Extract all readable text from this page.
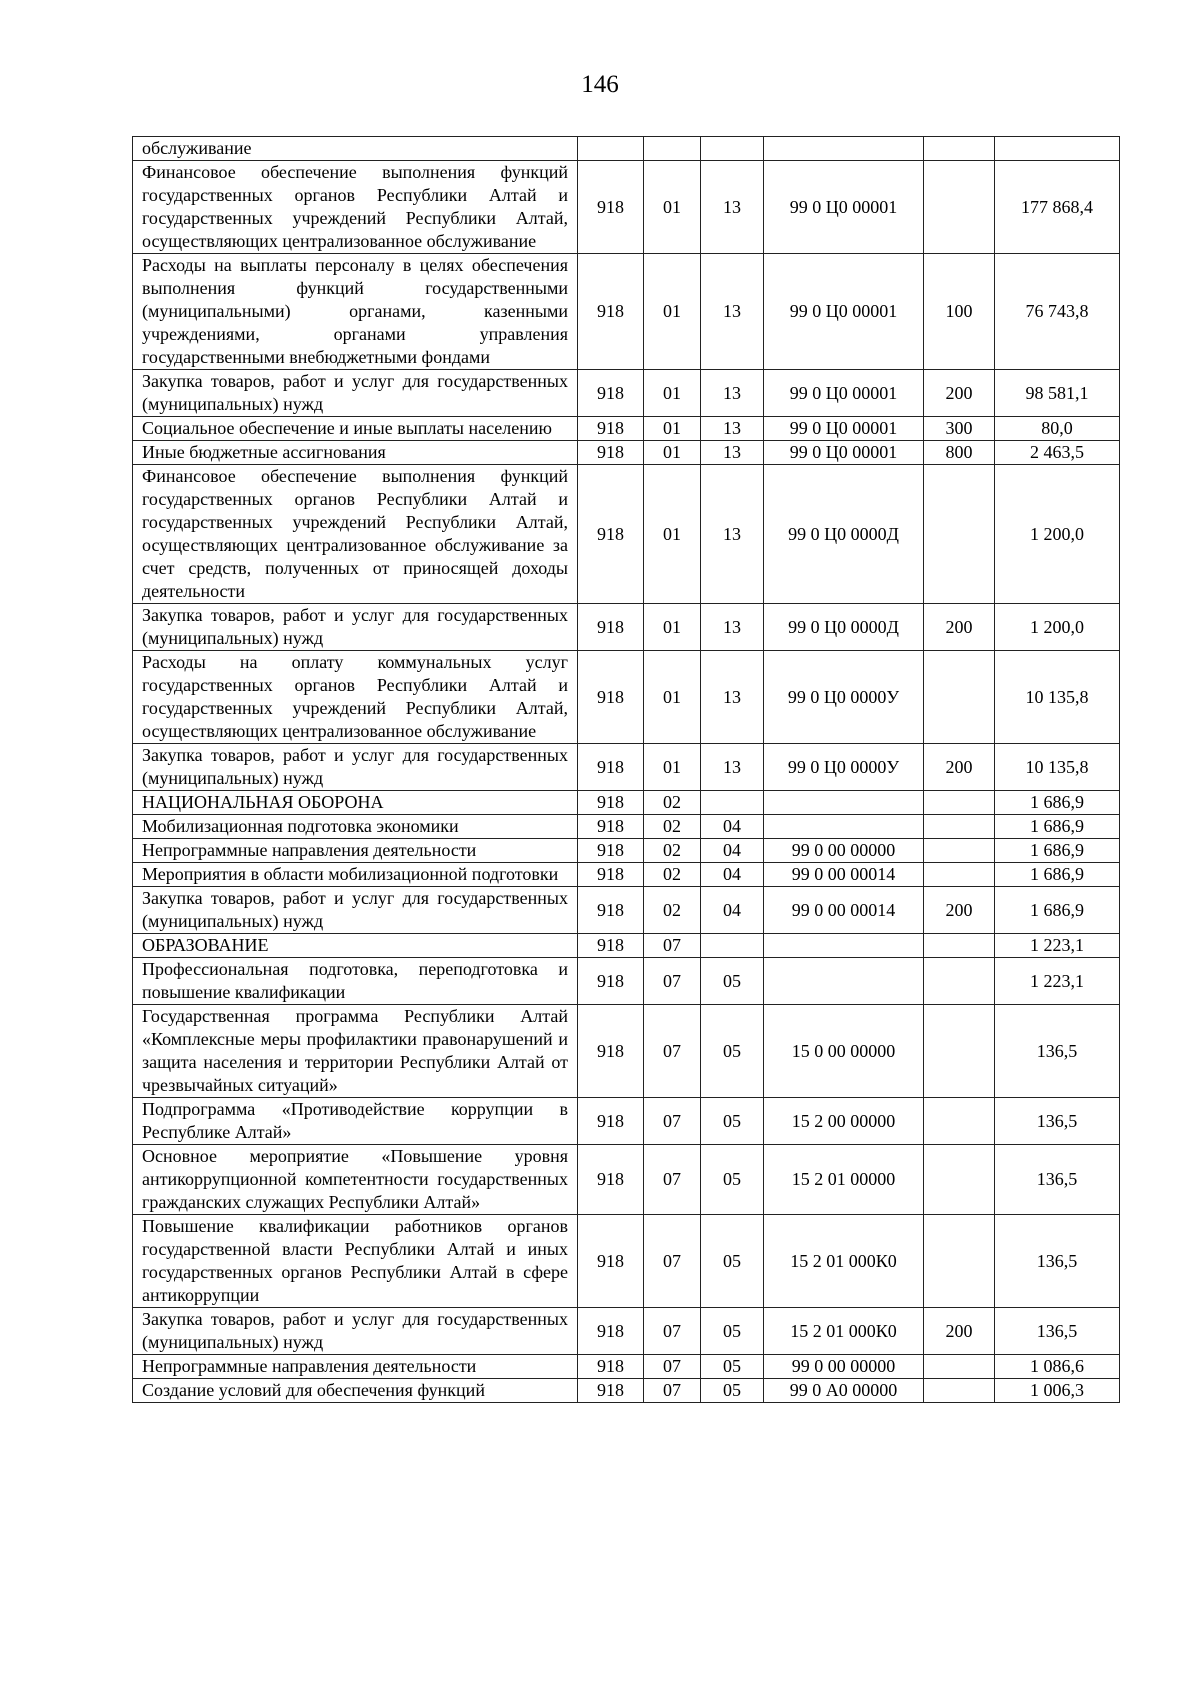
146
обслуживание						
Финансовое обеспечение выполнения функций государственных органов Республики Алтай и государственных учреждений Республики Алтай, осуществляющих централизованное обслуживание	918	01	13	99 0 Ц0 00001		177 868,4
Расходы на выплаты персоналу в целях обеспечения выполнения функций государственными (муниципальными) органами, казенными учреждениями, органами управления государственными внебюджетными фондами	918	01	13	99 0 Ц0 00001	100	76 743,8
Закупка товаров, работ и услуг для государственных (муниципальных) нужд	918	01	13	99 0 Ц0 00001	200	98 581,1
Социальное обеспечение и иные выплаты населению	918	01	13	99 0 Ц0 00001	300	80,0
Иные бюджетные ассигнования	918	01	13	99 0 Ц0 00001	800	2 463,5
Финансовое обеспечение выполнения функций государственных органов Республики Алтай и государственных учреждений Республики Алтай, осуществляющих централизованное обслуживание за счет средств, полученных от приносящей доходы деятельности	918	01	13	99 0 Ц0 0000Д		1 200,0
Закупка товаров, работ и услуг для государственных (муниципальных) нужд	918	01	13	99 0 Ц0 0000Д	200	1 200,0
Расходы на оплату коммунальных услуг государственных органов Республики Алтай и государственных учреждений Республики Алтай, осуществляющих централизованное обслуживание	918	01	13	99 0 Ц0 0000У		10 135,8
Закупка товаров, работ и услуг для государственных (муниципальных) нужд	918	01	13	99 0 Ц0 0000У	200	10 135,8
НАЦИОНАЛЬНАЯ ОБОРОНА	918	02				1 686,9
Мобилизационная подготовка экономики	918	02	04			1 686,9
Непрограммные направления деятельности	918	02	04	99 0 00 00000		1 686,9
Мероприятия в области мобилизационной подготовки	918	02	04	99 0 00 00014		1 686,9
Закупка товаров, работ и услуг для государственных (муниципальных) нужд	918	02	04	99 0 00 00014	200	1 686,9
ОБРАЗОВАНИЕ	918	07				1 223,1
Профессиональная подготовка, переподготовка и повышение квалификации	918	07	05			1 223,1
Государственная программа Республики Алтай «Комплексные меры профилактики правонарушений и защита населения и территории Республики Алтай от чрезвычайных ситуаций»	918	07	05	15 0 00 00000		136,5
Подпрограмма «Противодействие коррупции в Республике Алтай»	918	07	05	15 2 00 00000		136,5
Основное мероприятие «Повышение уровня антикоррупционной компетентности государственных гражданских служащих Республики Алтай»	918	07	05	15 2 01 00000		136,5
Повышение квалификации работников органов государственной власти Республики Алтай и иных государственных органов Республики Алтай в сфере антикоррупции	918	07	05	15 2 01 000К0		136,5
Закупка товаров, работ и услуг для государственных (муниципальных) нужд	918	07	05	15 2 01 000К0	200	136,5
Непрограммные направления деятельности	918	07	05	99 0 00 00000		1 086,6
Создание условий для обеспечения функций	918	07	05	99 0 А0 00000		1 006,3
